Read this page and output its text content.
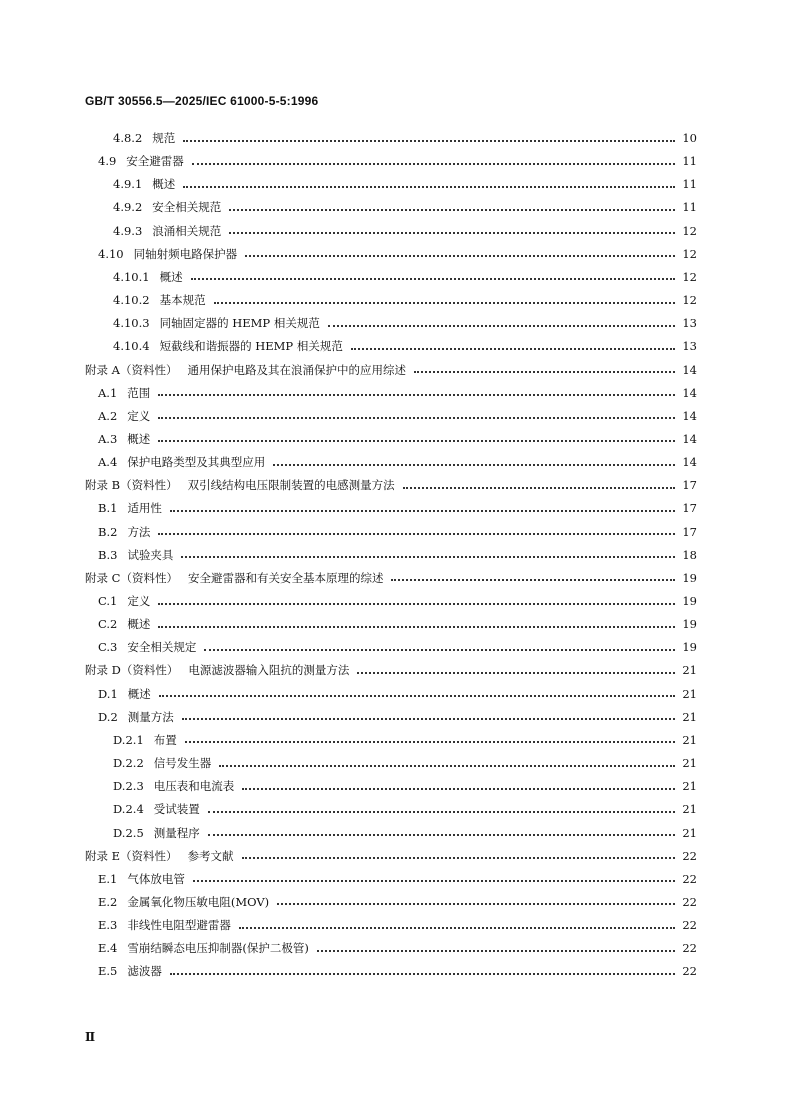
GB/T 30556.5—2025/IEC 61000-5-5:1996
4.8.2 规范	10
4.9 安全避雷器	11
4.9.1 概述	11
4.9.2 安全相关规范	11
4.9.3 浪涌相关规范	12
4.10 同轴射频电路保护器	12
4.10.1 概述	12
4.10.2 基本规范	12
4.10.3 同轴固定器的 HEMP 相关规范	13
4.10.4 短截线和谐振器的 HEMP 相关规范	13
附录 A（资料性） 通用保护电路及其在浪涌保护中的应用综述	14
A.1 范围	14
A.2 定义	14
A.3 概述	14
A.4 保护电路类型及其典型应用	14
附录 B（资料性） 双引线结构电压限制装置的电感测量方法	17
B.1 适用性	17
B.2 方法	17
B.3 试验夹具	18
附录 C（资料性） 安全避雷器和有关安全基本原理的综述	19
C.1 定义	19
C.2 概述	19
C.3 安全相关规定	19
附录 D（资料性） 电源滤波器输入阻抗的测量方法	21
D.1 概述	21
D.2 测量方法	21
D.2.1 布置	21
D.2.2 信号发生器	21
D.2.3 电压表和电流表	21
D.2.4 受试装置	21
D.2.5 测量程序	21
附录 E（资料性） 参考文献	22
E.1 气体放电管	22
E.2 金属氧化物压敏电阻(MOV)	22
E.3 非线性电阻型避雷器	22
E.4 雪崩结瞬态电压抑制器(保护二极管)	22
E.5 滤波器	22
Ⅱ
